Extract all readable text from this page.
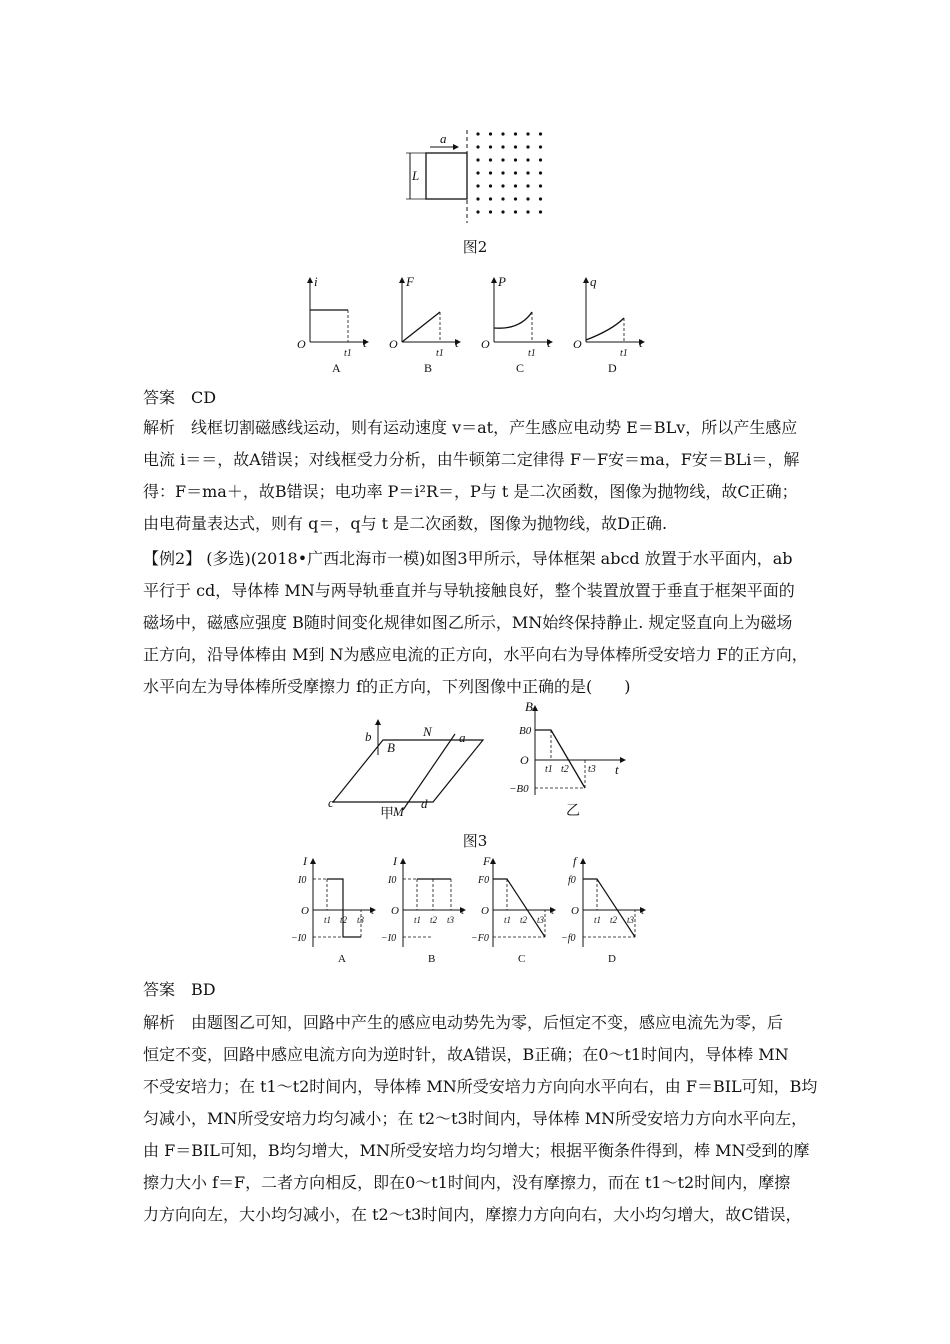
L
a
图2
i
t
O
t1
A
F
t
O
t1
B
P
t
O
t1
C
q
t
O
t1
D
答案　CD
解析　线框切割磁感线运动，则有运动速度 v＝at，产生感应电动势 E＝BLv，所以产生感应
电流 i＝＝，故A错误；对线框受力分析，由牛顿第二定律得 F－F安＝ma，F安＝BLi＝，解
得：F＝ma＋，故B错误；电功率 P＝i²R＝，P与 t 是二次函数，图像为抛物线，故C正确；
由电荷量表达式，则有 q＝，q与 t 是二次函数，图像为抛物线，故D正确.
【例2】 (多选)(2018•广西北海市一模)如图3甲所示，导体框架 abcd 放置于水平面内，ab
平行于 cd，导体棒 MN与两导轨垂直并与导轨接触良好，整个装置放置于垂直于框架平面的
磁场中，磁感应强度 B随时间变化规律如图乙所示，MN始终保持静止. 规定竖直向上为磁场
正方向，沿导体棒由 M到 N为感应电流的正方向，水平向右为导体棒所受安培力 F的正方向，
水平向左为导体棒所受摩擦力 f的正方向，下列图像中正确的是(　　)
b	N a
B
c
M
d
甲
B
t
O
B0
−B0
t1 t2 t3
乙
图3
I
I0
O
−I0
t1 t2 t3
t
A
I
I0
O
−I0
t1 t2 t3
t
B
F
F0
O
−F0
t1 t2 t3
t
C
f
f0
O
−f0
t1 t2 t3
t
D
答案　BD
解析　由题图乙可知，回路中产生的感应电动势先为零，后恒定不变，感应电流先为零，后
恒定不变，回路中感应电流方向为逆时针，故A错误，B正确；在0～t1时间内，导体棒 MN
不受安培力；在 t1～t2时间内，导体棒 MN所受安培力方向向水平向右，由 F＝BIL可知，B均
匀减小，MN所受安培力均匀减小；在 t2～t3时间内，导体棒 MN所受安培力方向水平向左，
由 F＝BIL可知，B均匀增大，MN所受安培力均匀增大；根据平衡条件得到，棒 MN受到的摩
擦力大小 f＝F，二者方向相反，即在0～t1时间内，没有摩擦力，而在 t1～t2时间内，摩擦
力方向向左，大小均匀减小，在 t2～t3时间内，摩擦力方向向右，大小均匀增大，故C错误，
